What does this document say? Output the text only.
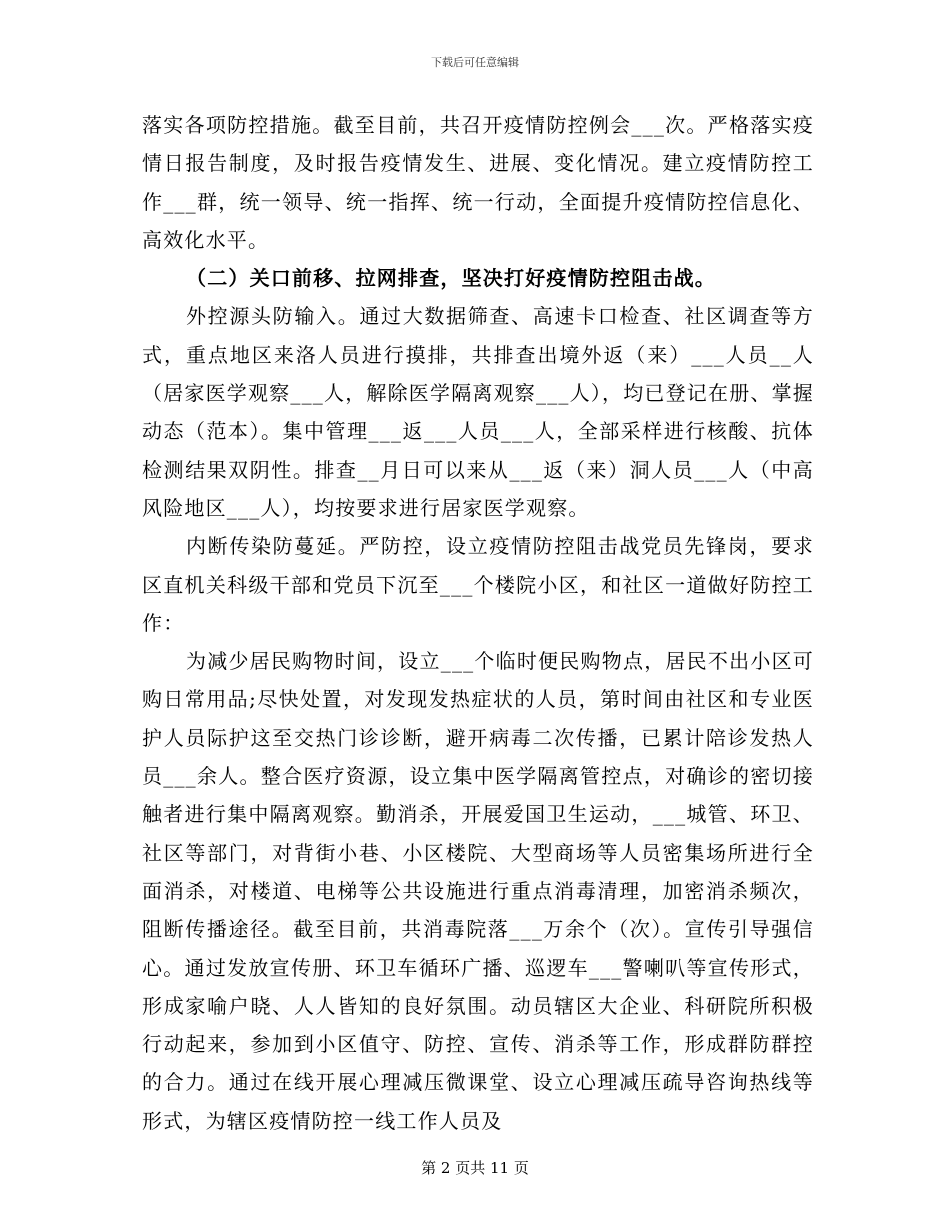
下载后可任意编辑

落实各项防控措施。截至目前，共召开疫情防控例会___次。严格落实疫情日报告制度，及时报告疫情发生、进展、变化情况。建立疫情防控工作___群，统一领导、统一指挥、统一行动，全面提升疫情防控信息化、高效化水平。

（二）关口前移、拉网排查，坚决打好疫情防控阻击战。

外控源头防输入。通过大数据筛查、高速卡口检查、社区调查等方式，重点地区来洛人员进行摸排，共排查出境外返（来）___人员__人（居家医学观察___人，解除医学隔离观察___人），均已登记在册、掌握动态（范本）。集中管理___返___人员___人，全部采样进行核酸、抗体检测结果双阴性。排查__月日可以来从___返（来）洞人员___人（中高风险地区___人），均按要求进行居家医学观察。

内断传染防蔓延。严防控，设立疫情防控阻击战党员先锋岗，要求区直机关科级干部和党员下沉至___个楼院小区，和社区一道做好防控工作：

为减少居民购物时间，设立___个临时便民购物点，居民不出小区可购日常用品;尽快处置，对发现发热症状的人员，第时间由社区和专业医护人员际护这至交热门诊诊断，避开病毒二次传播，已累计陪诊发热人员___余人。整合医疗资源，设立集中医学隔离管控点，对确诊的密切接触者进行集中隔离观察。勤消杀，开展爱国卫生运动，___城管、环卫、社区等部门，对背街小巷、小区楼院、大型商场等人员密集场所进行全面消杀，对楼道、电梯等公共设施进行重点消毒清理，加密消杀频次，阻断传播途径。截至目前，共消毒院落___万余个（次）。宣传引导强信心。通过发放宣传册、环卫车循环广播、巡逻车___警喇叭等宣传形式，形成家喻户晓、人人皆知的良好氛围。动员辖区大企业、科研院所积极行动起来，参加到小区值守、防控、宣传、消杀等工作，形成群防群控的合力。通过在线开展心理减压微课堂、设立心理减压疏导咨询热线等形式，为辖区疫情防控一线工作人员及

第 2 页共 11 页
